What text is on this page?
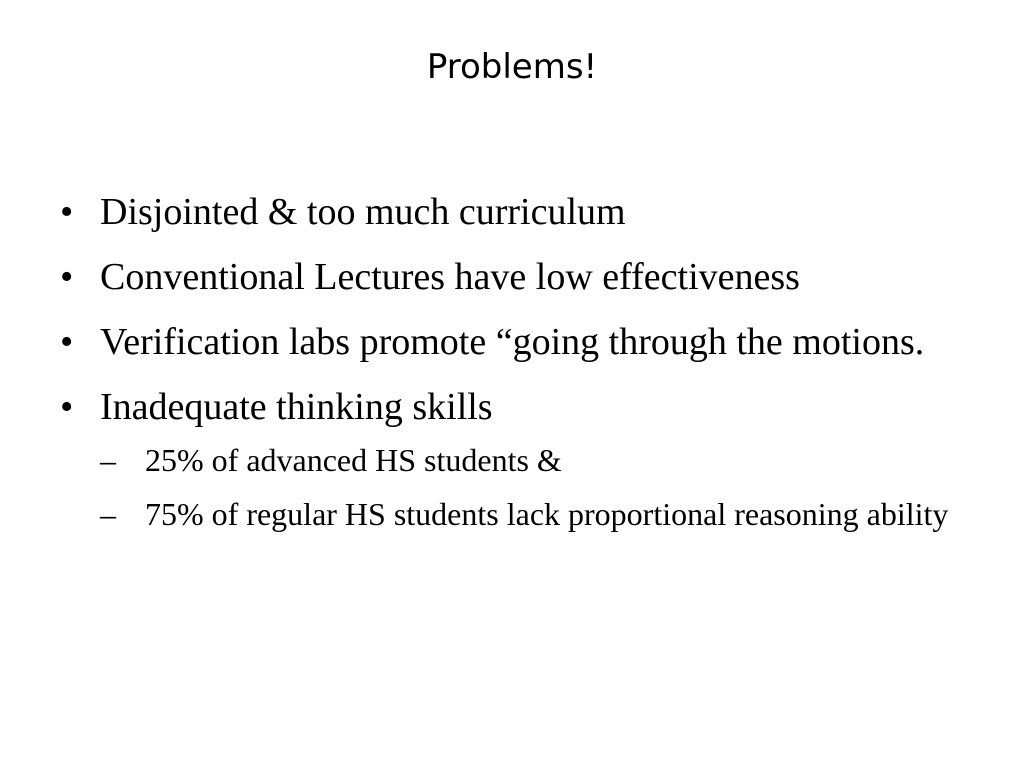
Problems!
• Disjointed & too much curriculum
• Conventional Lectures have low effectiveness
• Verification labs promote “going through the motions.
• Inadequate thinking skills
– 25% of advanced HS students &
– 75% of regular HS students lack proportional reasoning ability
